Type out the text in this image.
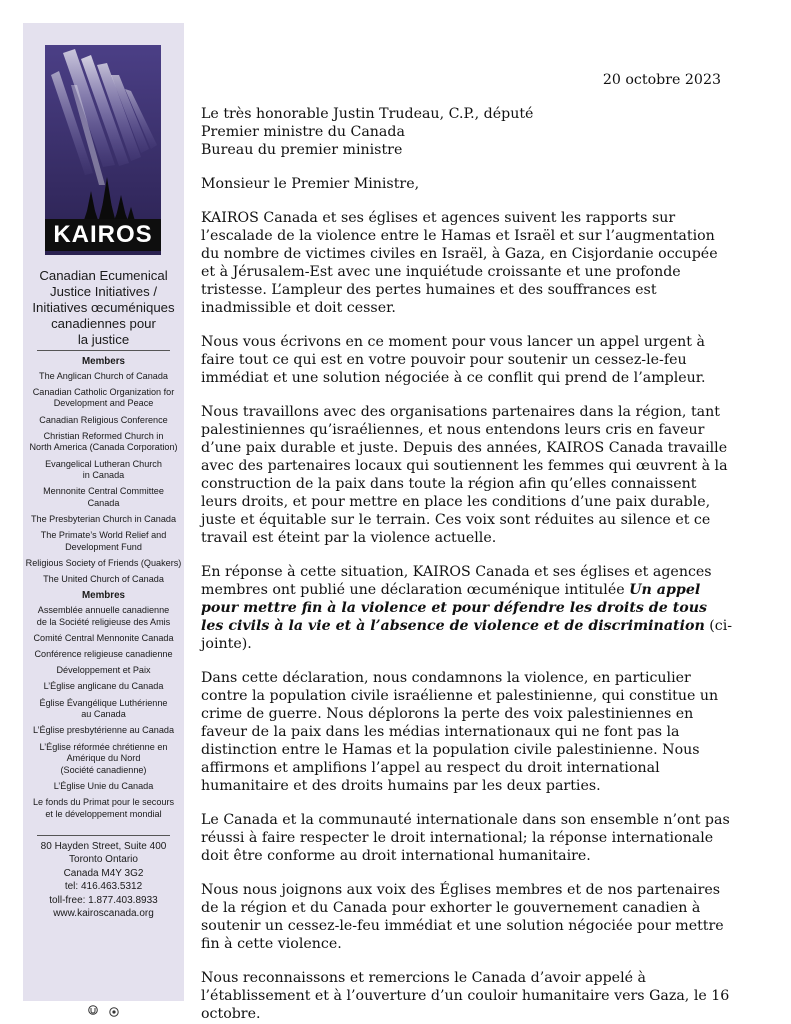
KAIROS
Canadian Ecumenical
Justice Initiatives /
Initiatives œcuméniques
canadiennes pour
la justice
Members
The Anglican Church of Canada
Canadian Catholic Organization for
Development and Peace
Canadian Religious Conference
Christian Reformed Church in
North America (Canada Corporation)
Evangelical Lutheran Church
in Canada
Mennonite Central Committee
Canada
The Presbyterian Church in Canada
The Primate’s World Relief and
Development Fund
Religious Society of Friends (Quakers)
The United Church of Canada
Membres
Assemblée annuelle canadienne
de la Société religieuse des Amis
Comité Central Mennonite Canada
Conférence religieuse canadienne
Développement et Paix
L’Église anglicane du Canada
Église Évangélique Luthérienne
au Canada
L’Église presbytérienne au Canada
L’Église réformée chrétienne en
Amérique du Nord
(Société canadienne)
L’Église Unie du Canada
Le fonds du Primat pour le secours
et le développement mondial
80 Hayden Street, Suite 400
Toronto Ontario
Canada M4Y 3G2
tel: 416.463.5312
toll-free: 1.877.403.8933
www.kairoscanada.org

20 octobre 2023
Le très honorable Justin Trudeau, C.P., député
Premier ministre du Canada
Bureau du premier ministre

Monsieur le Premier Ministre,

KAIROS Canada et ses églises et agences suivent les rapports sur l’escalade de la violence entre le Hamas et Israël et sur l’augmentation du nombre de victimes civiles en Israël, à Gaza, en Cisjordanie occupée et à Jérusalem-Est avec une inquiétude croissante et une profonde tristesse. L’ampleur des pertes humaines et des souffrances est inadmissible et doit cesser.

Nous vous écrivons en ce moment pour vous lancer un appel urgent à faire tout ce qui est en votre pouvoir pour soutenir un cessez-le-feu immédiat et une solution négociée à ce conflit qui prend de l’ampleur.

Nous travaillons avec des organisations partenaires dans la région, tant palestiniennes qu’israéliennes, et nous entendons leurs cris en faveur d’une paix durable et juste. Depuis des années, KAIROS Canada travaille avec des partenaires locaux qui soutiennent les femmes qui œuvrent à la construction de la paix dans toute la région afin qu’elles connaissent leurs droits, et pour mettre en place les conditions d’une paix durable, juste et équitable sur le terrain. Ces voix sont réduites au silence et ce travail est éteint par la violence actuelle.

En réponse à cette situation, KAIROS Canada et ses églises et agences membres ont publié une déclaration œcuménique intitulée Un appel pour mettre fin à la violence et pour défendre les droits de tous les civils à la vie et à l’absence de violence et de discrimination (ci-jointe).

Dans cette déclaration, nous condamnons la violence, en particulier contre la population civile israélienne et palestinienne, qui constitue un crime de guerre. Nous déplorons la perte des voix palestiniennes en faveur de la paix dans les médias internationaux qui ne font pas la distinction entre le Hamas et la population civile palestinienne. Nous affirmons et amplifions l’appel au respect du droit international humanitaire et des droits humains par les deux parties.

Le Canada et la communauté internationale dans son ensemble n’ont pas réussi à faire respecter le droit international; la réponse internationale doit être conforme au droit international humanitaire.

Nous nous joignons aux voix des Églises membres et de nos partenaires de la région et du Canada pour exhorter le gouvernement canadien à soutenir un cessez-le-feu immédiat et une solution négociée pour mettre fin à cette violence.

Nous reconnaissons et remercions le Canada d’avoir appelé à l’établissement et à l’ouverture d’un couloir humanitaire vers Gaza, le 16 octobre.
